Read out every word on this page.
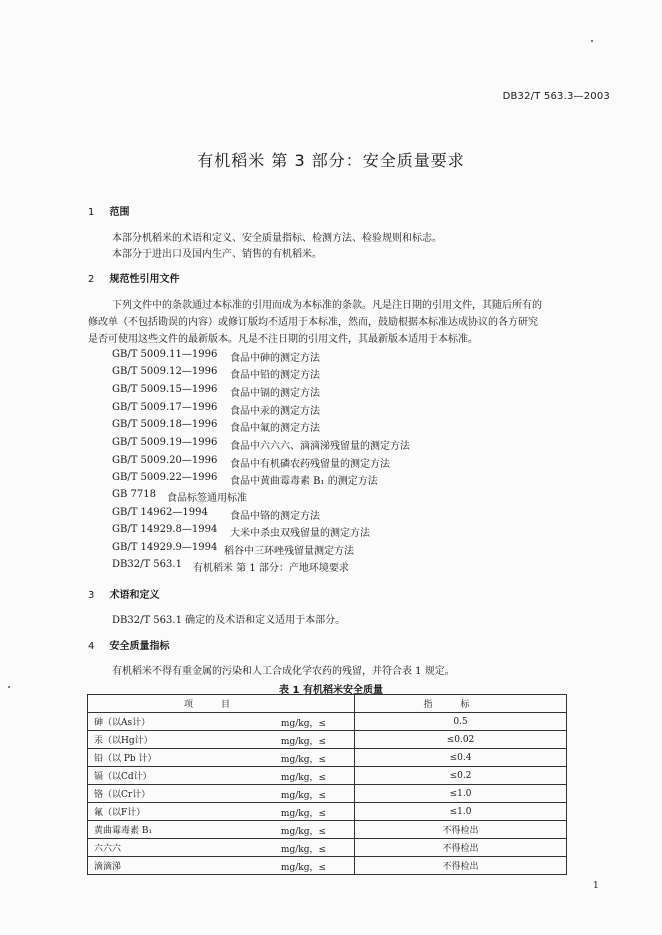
DB32/T 563.3—2003
有机稻米 第 3 部分：安全质量要求
1 范围
本部分机稻米的术语和定义、安全质量指标、检测方法、检验规则和标志。
本部分于进出口及国内生产、销售的有机稻米。
2 规范性引用文件
下列文件中的条款通过本标准的引用而成为本标准的条款。凡是注日期的引用文件，其随后所有的
修改单（不包括勘误的内容）或修订版均不适用于本标准，然而，鼓励根据本标准达成协议的各方研究
是否可使用这些文件的最新版本。凡是不注日期的引用文件，其最新版本适用于本标准。
GB/T 5009.11—1996 食品中砷的测定方法
GB/T 5009.12—1996 食品中铅的测定方法
GB/T 5009.15—1996 食品中镉的测定方法
GB/T 5009.17—1996 食品中汞的测定方法
GB/T 5009.18—1996 食品中氟的测定方法
GB/T 5009.19—1996 食品中六六六、滴滴涕残留量的测定方法
GB/T 5009.20—1996 食品中有机磷农药残留量的测定方法
GB/T 5009.22—1996 食品中黄曲霉毒素 B₁ 的测定方法
GB 7718 食品标签通用标准
GB/T 14962—1994 食品中铬的测定方法
GB/T 14929.8—1994 大米中杀虫双残留量的测定方法
GB/T 14929.9—1994 稻谷中三环唑残留量测定方法
DB32/T 563.1 有机稻米 第 1 部分：产地环境要求
3 术语和定义
DB32/T 563.1 确定的及术语和定义适用于本部分。
4 安全质量指标
有机稻米不得有重金属的污染和人工合成化学农药的残留，并符合表 1 规定。
表 1 有机稻米安全质量
项目	指标
砷（以As计） mg/kg，≤	0.5
汞（以Hg计） mg/kg，≤	≤0.02
铅（以 Pb 计） mg/kg，≤	≤0.4
镉（以Cd计） mg/kg，≤	≤0.2
铬（以Cr计） mg/kg，≤	≤1.0
氟（以F计） mg/kg，≤	≤1.0
黄曲霉毒素 B₁ mg/kg，≤	不得检出
六六六 mg/kg，≤	不得检出
滴滴涕 mg/kg，≤	不得检出
1
